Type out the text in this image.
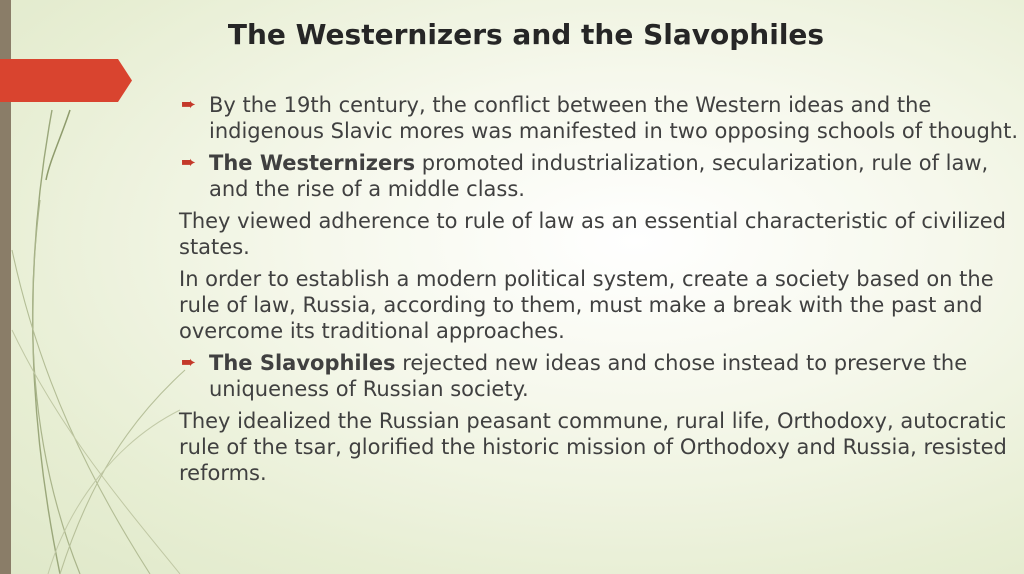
The Westernizers and the Slavophiles
➨ By the 19th century, the conflict between the Western ideas and the indigenous Slavic mores was manifested in two opposing schools of thought.
➨ The Westernizers promoted industrialization, secularization, rule of law, and the rise of a middle class.
They viewed adherence to rule of law as an essential characteristic of civilized states.
In order to establish a modern political system, create a society based on the rule of law, Russia, according to them, must make a break with the past and overcome its traditional approaches.
➨ The Slavophiles rejected new ideas and chose instead to preserve the uniqueness of Russian society.
They idealized the Russian peasant commune, rural life, Orthodoxy, autocratic rule of the tsar, glorified the historic mission of Orthodoxy and Russia, resisted reforms.
